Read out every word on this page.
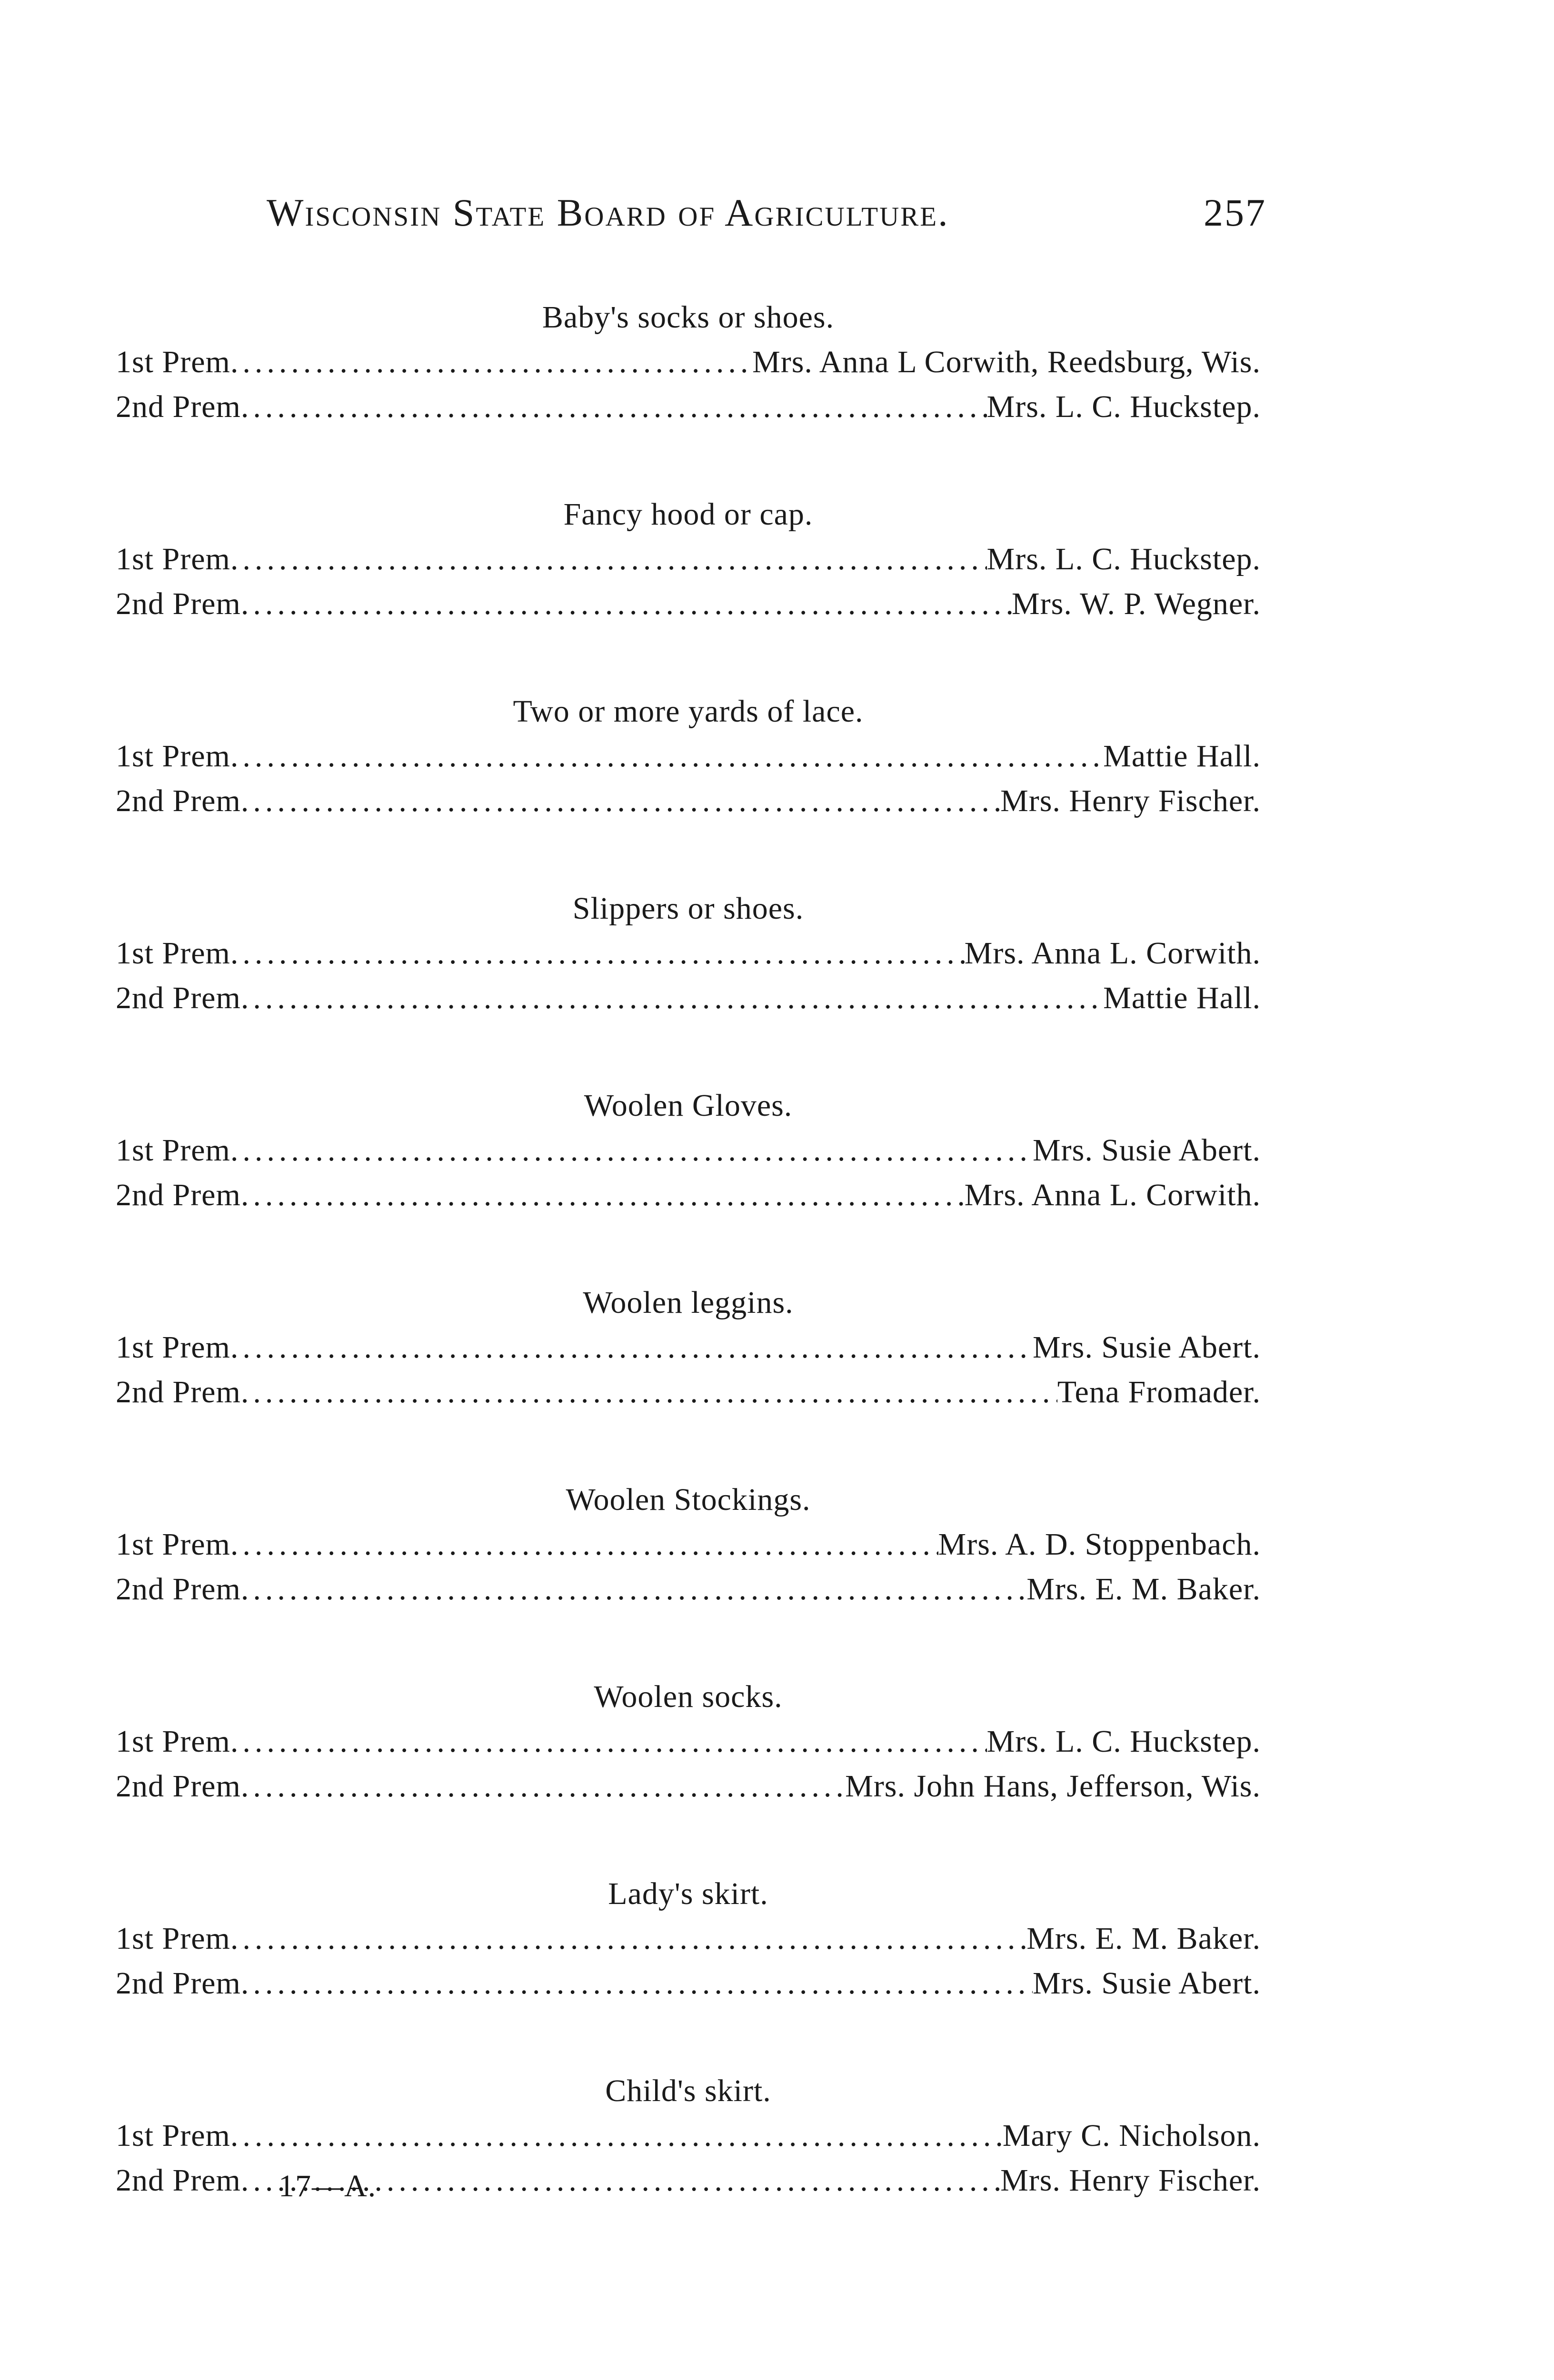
Wisconsin State Board of Agriculture.	257
Baby's socks or shoes.
1st Prem .....	Mrs. Anna L Corwith, Reedsburg, Wis.
2nd Prem .....	Mrs. L. C. Huckstep.
Fancy hood or cap.
1st Prem .....	Mrs. L. C. Huckstep.
2nd Prem .....	Mrs. W. P. Wegner.
Two or more yards of lace.
1st Prem .....	Mattie Hall.
2nd Prem .....	Mrs. Henry Fischer.
Slippers or shoes.
1st Prem .....	Mrs. Anna L. Corwith.
2nd Prem .....	Mattie Hall.
Woolen Gloves.
1st Prem .....	Mrs. Susie Abert.
2nd Prem .....	Mrs. Anna L. Corwith.
Woolen leggins.
1st Prem .....	Mrs. Susie Abert.
2nd Prem .....	Tena Fromader.
Woolen Stockings.
1st Prem .....	Mrs. A. D. Stoppenbach.
2nd Prem .....	Mrs. E. M. Baker.
Woolen socks.
1st Prem .....	Mrs. L. C. Huckstep.
2nd Prem .....	Mrs. John Hans, Jefferson, Wis.
Lady's skirt.
1st Prem .....	Mrs. E. M. Baker.
2nd Prem .....	Mrs. Susie Abert.
Child's skirt.
1st Prem .....	Mary C. Nicholson.
2nd Prem .....	Mrs. Henry Fischer.
17—A.
